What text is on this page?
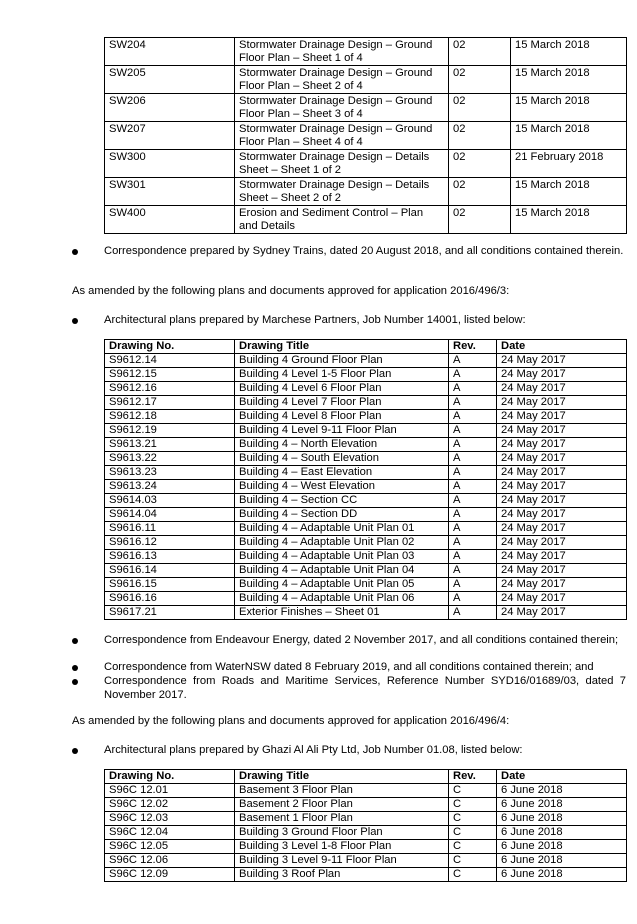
SW204	Stormwater Drainage Design – Ground Floor Plan – Sheet 1 of 4	02	15 March 2018
SW205	Stormwater Drainage Design – Ground Floor Plan – Sheet 2 of 4	02	15 March 2018
SW206	Stormwater Drainage Design – Ground Floor Plan – Sheet 3 of 4	02	15 March 2018
SW207	Stormwater Drainage Design – Ground Floor Plan – Sheet 4 of 4	02	15 March 2018
SW300	Stormwater Drainage Design – Details Sheet – Sheet 1 of 2	02	21 February 2018
SW301	Stormwater Drainage Design – Details Sheet – Sheet 2 of 2	02	15 March 2018
SW400	Erosion and Sediment Control – Plan and Details	02	15 March 2018
Correspondence prepared by Sydney Trains, dated 20 August 2018, and all conditions contained therein.
As amended by the following plans and documents approved for application 2016/496/3:
Architectural plans prepared by Marchese Partners, Job Number 14001, listed below:
Drawing No.	Drawing Title	Rev.	Date
S9612.14	Building 4 Ground Floor Plan	A	24 May 2017
S9612.15	Building 4 Level 1-5 Floor Plan	A	24 May 2017
S9612.16	Building 4 Level 6 Floor Plan	A	24 May 2017
S9612.17	Building 4 Level 7 Floor Plan	A	24 May 2017
S9612.18	Building 4 Level 8 Floor Plan	A	24 May 2017
S9612.19	Building 4 Level 9-11 Floor Plan	A	24 May 2017
S9613.21	Building 4 – North Elevation	A	24 May 2017
S9613.22	Building 4 – South Elevation	A	24 May 2017
S9613.23	Building 4 – East Elevation	A	24 May 2017
S9613.24	Building 4 – West Elevation	A	24 May 2017
S9614.03	Building 4 – Section CC	A	24 May 2017
S9614.04	Building 4 – Section DD	A	24 May 2017
S9616.11	Building 4 – Adaptable Unit Plan 01	A	24 May 2017
S9616.12	Building 4 – Adaptable Unit Plan 02	A	24 May 2017
S9616.13	Building 4 – Adaptable Unit Plan 03	A	24 May 2017
S9616.14	Building 4 – Adaptable Unit Plan 04	A	24 May 2017
S9616.15	Building 4 – Adaptable Unit Plan 05	A	24 May 2017
S9616.16	Building 4 – Adaptable Unit Plan 06	A	24 May 2017
S9617.21	Exterior Finishes – Sheet 01	A	24 May 2017
Correspondence from Endeavour Energy, dated 2 November 2017, and all conditions contained therein;
Correspondence from WaterNSW dated 8 February 2019, and all conditions contained therein; and
Correspondence from Roads and Maritime Services, Reference Number SYD16/01689/03, dated 7 November 2017.
As amended by the following plans and documents approved for application 2016/496/4:
Architectural plans prepared by Ghazi Al Ali Pty Ltd, Job Number 01.08, listed below:
Drawing No.	Drawing Title	Rev.	Date
S96C 12.01	Basement 3 Floor Plan	C	6 June 2018
S96C 12.02	Basement 2 Floor Plan	C	6 June 2018
S96C 12.03	Basement 1 Floor Plan	C	6 June 2018
S96C 12.04	Building 3 Ground Floor Plan	C	6 June 2018
S96C 12.05	Building 3 Level 1-8 Floor Plan	C	6 June 2018
S96C 12.06	Building 3 Level 9-11 Floor Plan	C	6 June 2018
S96C 12.09	Building 3 Roof Plan	C	6 June 2018
